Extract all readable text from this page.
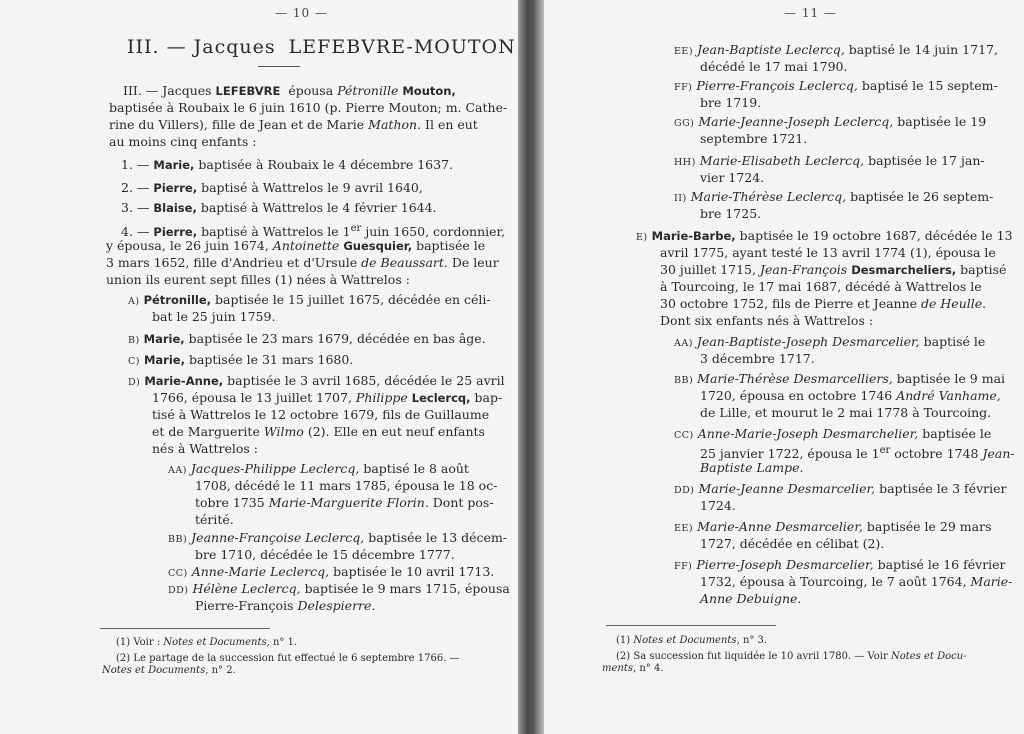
— 10 —
III. — Jacques LEFEBVRE-MOUTON
III. — Jacques LEFEBVRE épousa Pétronille Mouton,
baptisée à Roubaix le 6 juin 1610 (p. Pierre Mouton; m. Cathe-
rine du Villers), fille de Jean et de Marie Mathon. Il en eut
au moins cinq enfants :
1. — Marie, baptisée à Roubaix le 4 décembre 1637.
2. — Pierre, baptisé à Wattrelos le 9 avril 1640,
3. — Blaise, baptisé à Wattrelos le 4 février 1644.
4. — Pierre, baptisé à Wattrelos le 1er juin 1650, cordonnier,
y épousa, le 26 juin 1674, Antoinette Guesquier, baptisée le
3 mars 1652, fille d'Andrieu et d'Ursule de Beaussart. De leur
union ils eurent sept filles (1) nées à Wattrelos :
A) Pétronille, baptisée le 15 juillet 1675, décédée en céli-
bat le 25 juin 1759.
B) Marie, baptisée le 23 mars 1679, décédée en bas âge.
C) Marie, baptisée le 31 mars 1680.
D) Marie-Anne, baptisée le 3 avril 1685, décédée le 25 avril
1766, épousa le 13 juillet 1707, Philippe Leclercq, bap-
tisé à Wattrelos le 12 octobre 1679, fils de Guillaume
et de Marguerite Wilmo (2). Elle en eut neuf enfants
nés à Wattrelos :
AA) Jacques-Philippe Leclercq, baptisé le 8 août
1708, décédé le 11 mars 1785, épousa le 18 oc-
tobre 1735 Marie-Marguerite Florin. Dont pos-
térité.
BB) Jeanne-Françoise Leclercq, baptisée le 13 décem-
bre 1710, décédée le 15 décembre 1777.
CC) Anne-Marie Leclercq, baptisée le 10 avril 1713.
DD) Hélène Leclercq, baptisée le 9 mars 1715, épousa
Pierre-François Delespierre.
(1) Voir : Notes et Documents, n° 1.
(2) Le partage de la succession fut effectué le 6 septembre 1766. —
Notes et Documents, n° 2.
— 11 —
EE) Jean-Baptiste Leclercq, baptisé le 14 juin 1717,
décédé le 17 mai 1790.
FF) Pierre-François Leclercq, baptisé le 15 septem-
bre 1719.
GG) Marie-Jeanne-Joseph Leclercq, baptisée le 19
septembre 1721.
HH) Marie-Elisabeth Leclercq, baptisée le 17 jan-
vier 1724.
II) Marie-Thérèse Leclercq, baptisée le 26 septem-
bre 1725.
E) Marie-Barbe, baptisée le 19 octobre 1687, décédée le 13
avril 1775, ayant testé le 13 avril 1774 (1), épousa le
30 juillet 1715, Jean-François Desmarcheliers, baptisé
à Tourcoing, le 17 mai 1687, décédé à Wattrelos le
30 octobre 1752, fils de Pierre et Jeanne de Heulle.
Dont six enfants nés à Wattrelos :
AA) Jean-Baptiste-Joseph Desmarcelier, baptisé le
3 décembre 1717.
BB) Marie-Thérèse Desmarcelliers, baptisée le 9 mai
1720, épousa en octobre 1746 André Vanhame,
de Lille, et mourut le 2 mai 1778 à Tourcoing.
CC) Anne-Marie-Joseph Desmarchelier, baptisée le
25 janvier 1722, épousa le 1er octobre 1748 Jean-
Baptiste Lampe.
DD) Marie-Jeanne Desmarcelier, baptisée le 3 février
1724.
EE) Marie-Anne Desmarcelier, baptisée le 29 mars
1727, décédée en célibat (2).
FF) Pierre-Joseph Desmarcelier, baptisé le 16 février
1732, épousa à Tourcoing, le 7 août 1764, Marie-
Anne Debuigne.
(1) Notes et Documents, n° 3.
(2) Sa succession fut liquidée le 10 avril 1780. — Voir Notes et Docu-
ments, n° 4.
